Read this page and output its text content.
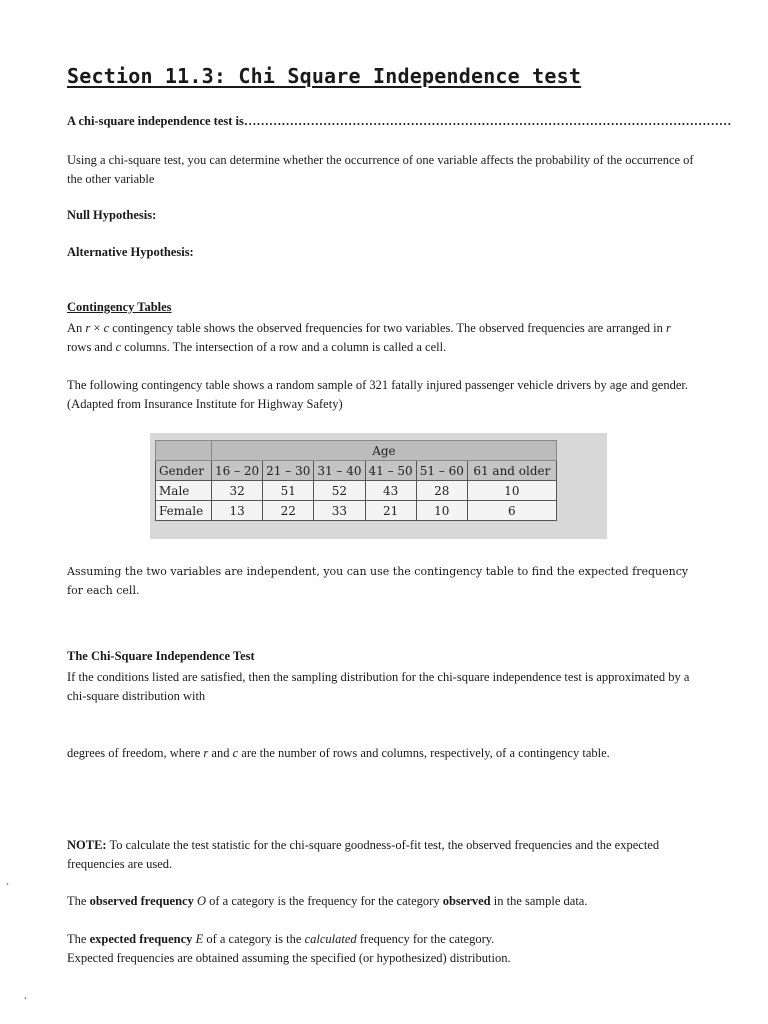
Section 11.3: Chi Square Independence test
A chi-square independence test is………………………………………………………………………………………………………
Using a chi-square test, you can determine whether the occurrence of one variable affects the probability of the occurrence of the other variable
Null Hypothesis:
Alternative Hypothesis:
Contingency Tables
An r × c contingency table shows the observed frequencies for two variables. The observed frequencies are arranged in r rows and c columns. The intersection of a row and a column is called a cell.
The following contingency table shows a random sample of 321 fatally injured passenger vehicle drivers by age and gender. (Adapted from Insurance Institute for Highway Safety)
	Age					
Gender	16 – 20	21 – 30	31 – 40	41 – 50	51 – 60	61 and older
Male	32	51	52	43	28	10
Female	13	22	33	21	10	6
Assuming the two variables are independent, you can use the contingency table to find the expected frequency for each cell.
The Chi-Square Independence Test
If the conditions listed are satisfied, then the sampling distribution for the chi-square independence test is approximated by a chi-square distribution with
degrees of freedom, where r and c are the number of rows and columns, respectively, of a contingency table.
NOTE: To calculate the test statistic for the chi-square goodness-of-fit test, the observed frequencies and the expected frequencies are used.
The observed frequency O of a category is the frequency for the category observed in the sample data.
The expected frequency E of a category is the calculated frequency for the category.
Expected frequencies are obtained assuming the specified (or hypothesized) distribution.
•
•
